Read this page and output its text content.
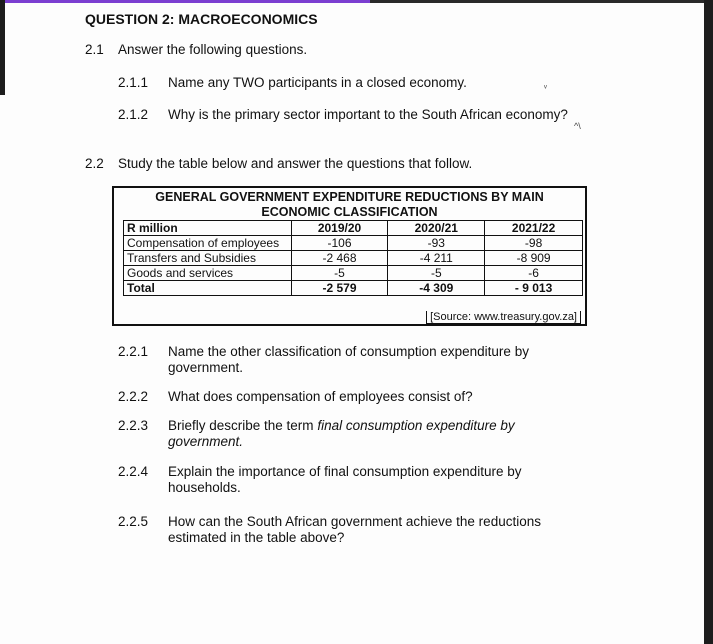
QUESTION 2: MACROECONOMICS
2.1 Answer the following questions.
2.1.1 Name any TWO participants in a closed economy.	ᵥ
2.1.2 Why is the primary sector important to the South African economy?
^\
2.2 Study the table below and answer the questions that follow.
GENERAL GOVERNMENT EXPENDITURE REDUCTIONS BY MAIN
ECONOMIC CLASSIFICATION
R million	2019/20	2020/21	2021/22
Compensation of employees	-106	-93	-98
Transfers and Subsidies	-2 468	-4 211	-8 909
Goods and services	-5	-5	-6
Total	-2 579	-4 309	- 9 013
[Source: www.treasury.gov.za]
2.2.1 Name the other classification of consumption expenditure by
government.
2.2.2 What does compensation of employees consist of?
2.2.3 Briefly describe the term final consumption expenditure by
government.
2.2.4 Explain the importance of final consumption expenditure by
households.
2.2.5 How can the South African government achieve the reductions
estimated in the table above?
